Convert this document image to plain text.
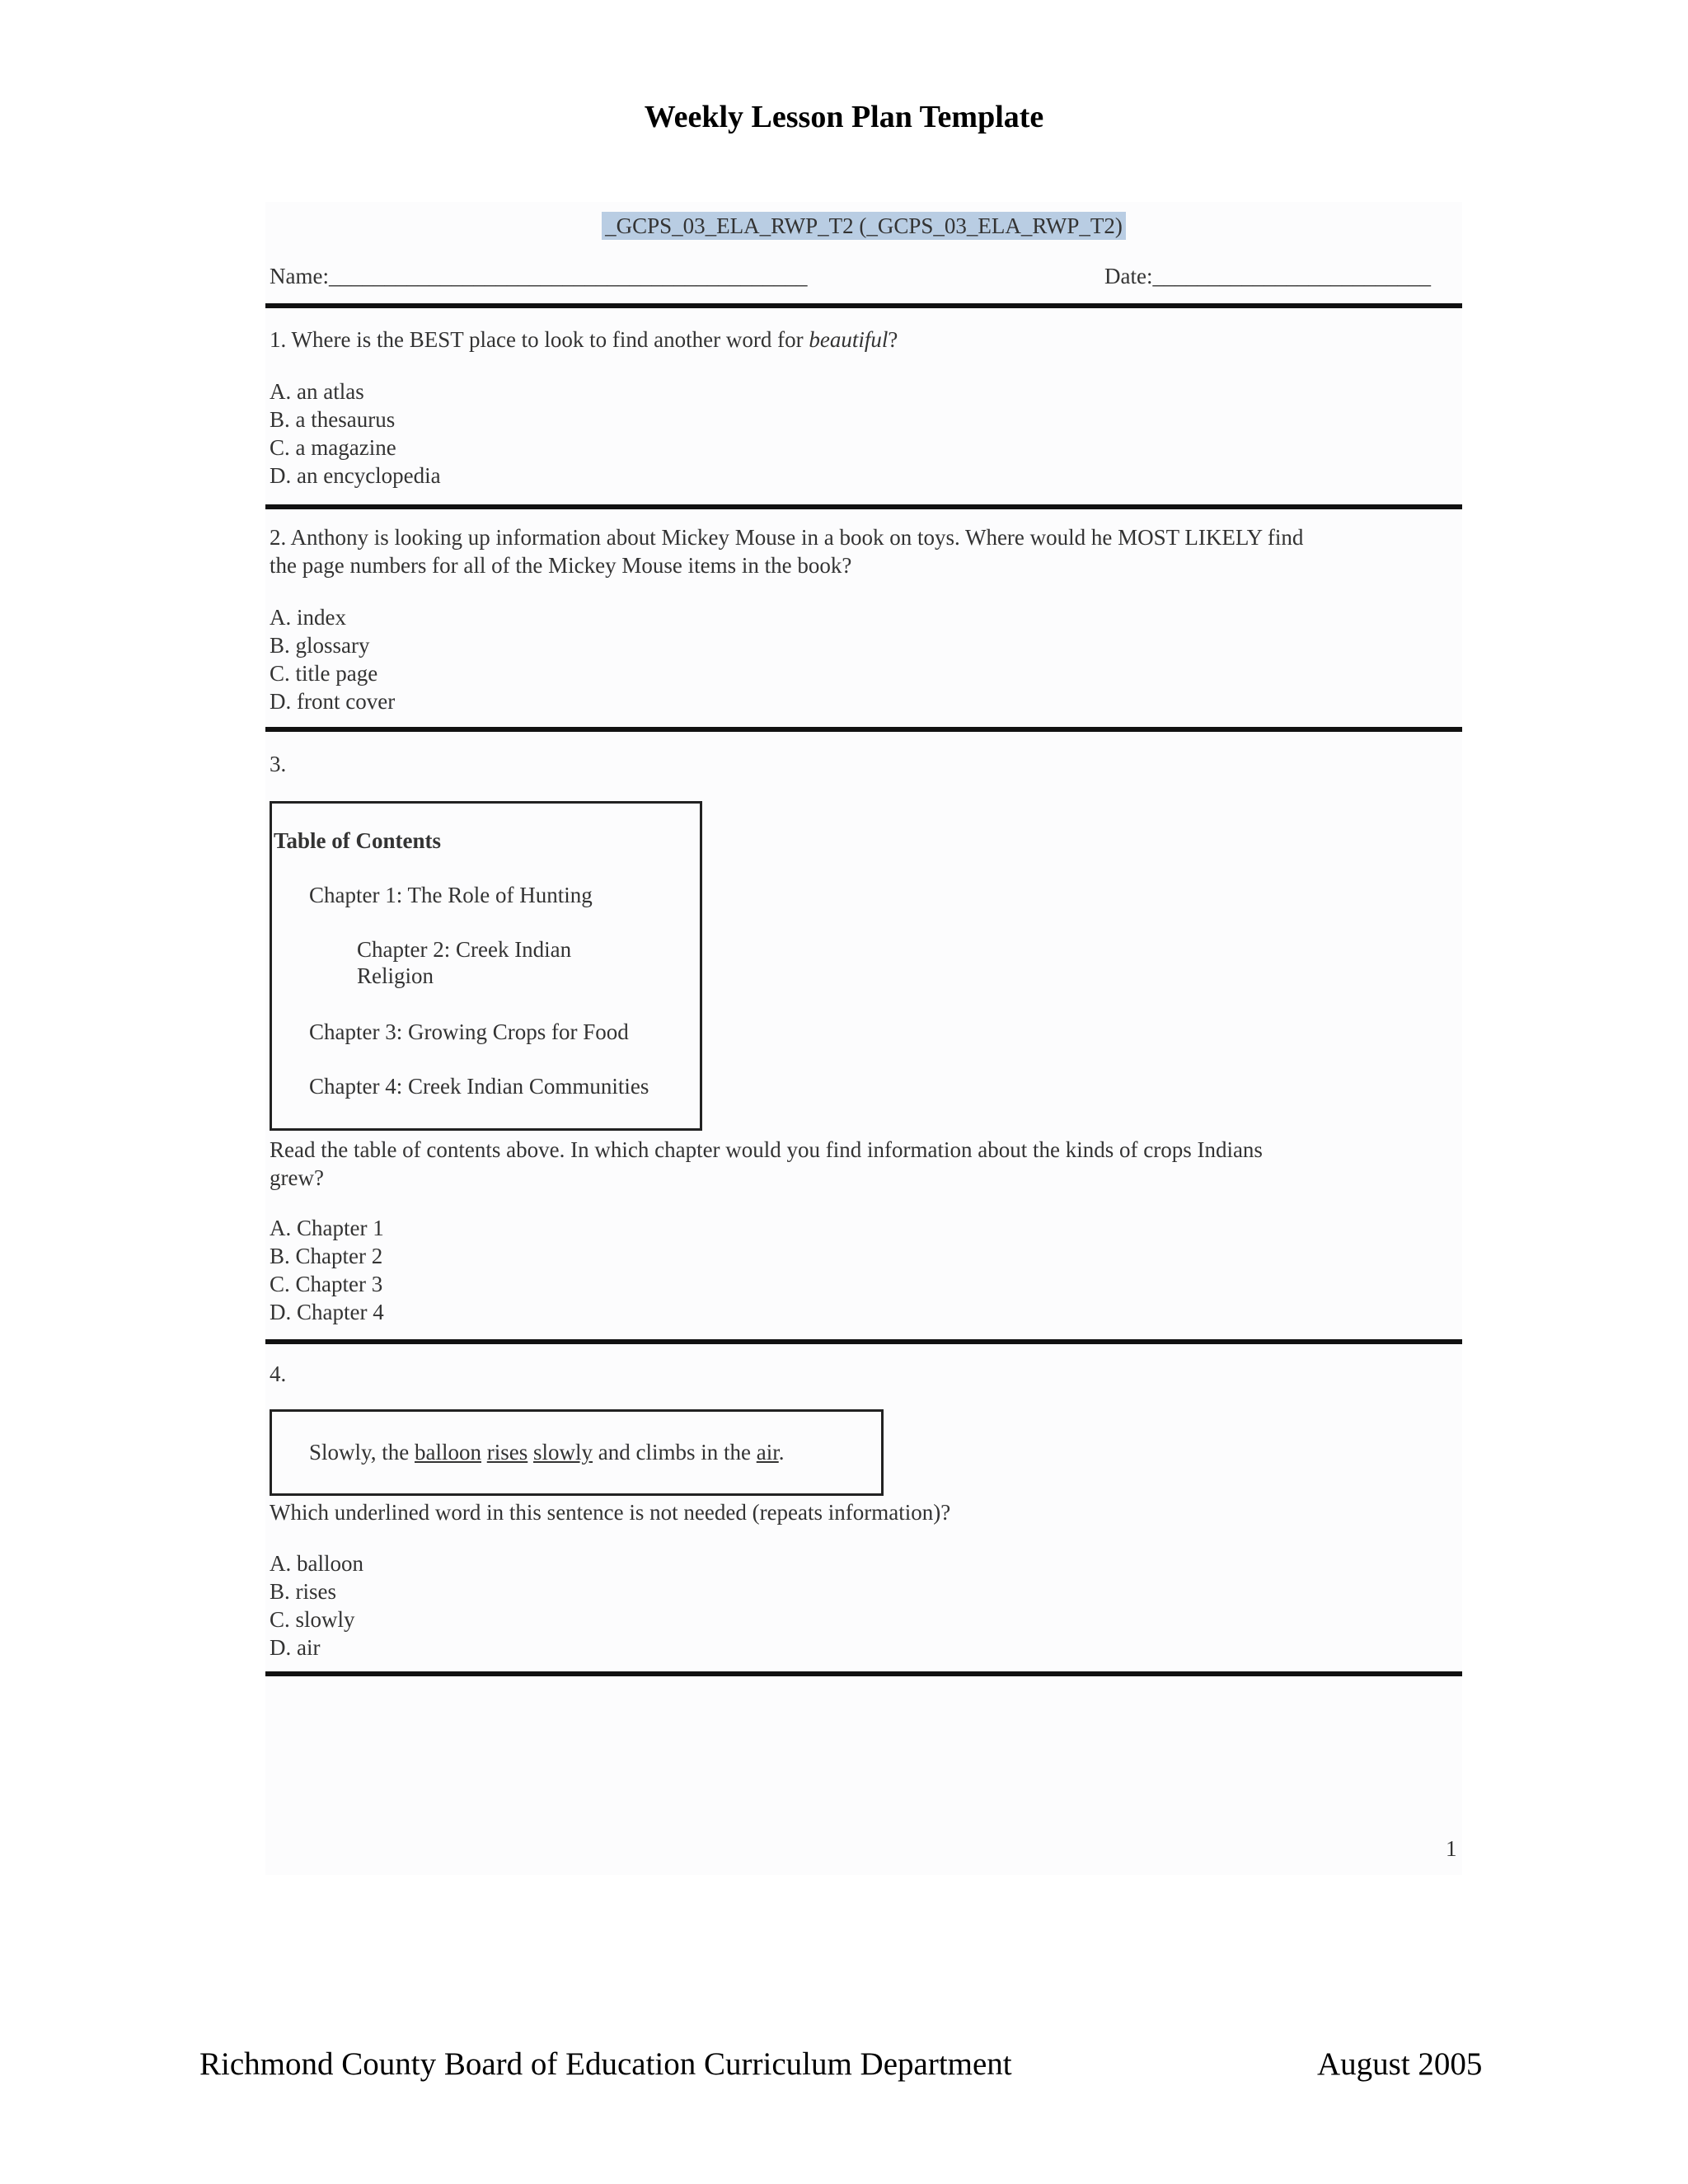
Weekly Lesson Plan Template
_GCPS_03_ELA_RWP_T2 (_GCPS_03_ELA_RWP_T2)
Name:___________________________________________	Date:_________________________
1. Where is the BEST place to look to find another word for beautiful?
A. an atlas
B. a thesaurus
C. a magazine
D. an encyclopedia
2. Anthony is looking up information about Mickey Mouse in a book on toys. Where would he MOST LIKELY find
the page numbers for all of the Mickey Mouse items in the book?
A. index
B. glossary
C. title page
D. front cover
3.
Table of Contents
Chapter 1: The Role of Hunting
Chapter 2: Creek Indian
Religion
Chapter 3: Growing Crops for Food
Chapter 4: Creek Indian Communities
Read the table of contents above. In which chapter would you find information about the kinds of crops Indians
grew?
A. Chapter 1
B. Chapter 2
C. Chapter 3
D. Chapter 4
4.
Slowly, the balloon rises slowly and climbs in the air.
Which underlined word in this sentence is not needed (repeats information)?
A. balloon
B. rises
C. slowly
D. air
1
Richmond County Board of Education Curriculum Department	August 2005
